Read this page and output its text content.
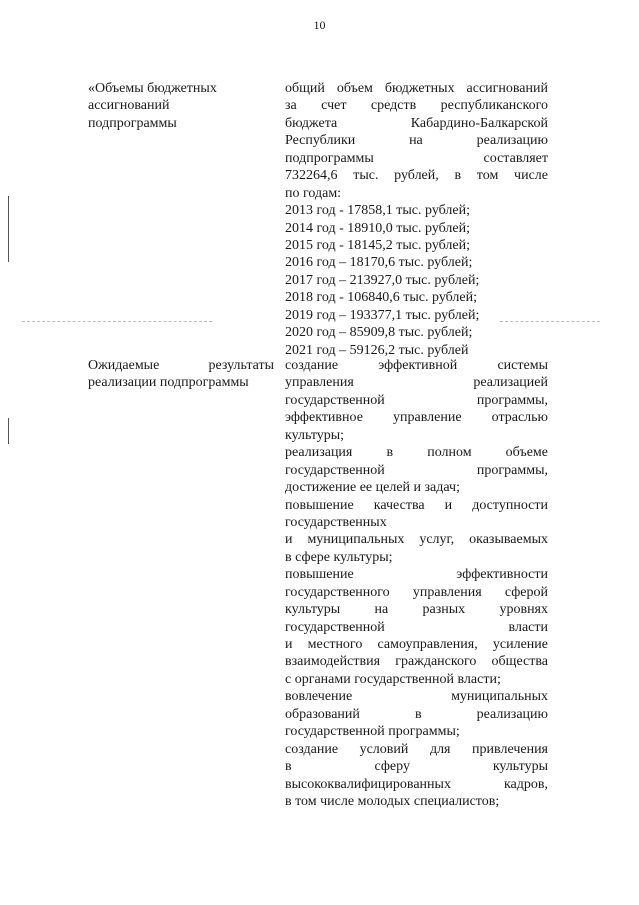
10
«Объемы бюджетных
ассигнований
подпрограммы
общий объем бюджетных ассигнований
за счет средств республиканского
бюджета Кабардино-Балкарской
Республики на реализацию
подпрограммы составляет
732264,6 тыс. рублей, в том числе
по годам:
2013 год - 17858,1 тыс. рублей;
2014 год - 18910,0 тыс. рублей;
2015 год - 18145,2 тыс. рублей;
2016 год – 18170,6 тыс. рублей;
2017 год – 213927,0 тыс. рублей;
2018 год - 106840,6 тыс. рублей;
2019 год – 193377,1 тыс. рублей;
2020 год – 85909,8 тыс. рублей;
2021 год – 59126,2 тыс. рублей
Ожидаемые результаты
реализации подпрограммы
создание эффективной системы
управления реализацией
государственной программы,
эффективное управление отраслью
культуры;
реализация в полном объеме
государственной программы,
достижение ее целей и задач;
повышение качества и доступности
государственных
и муниципальных услуг, оказываемых
в сфере культуры;
повышение эффективности
государственного управления сферой
культуры на разных уровнях
государственной власти
и местного самоуправления, усиление
взаимодействия гражданского общества
с органами государственной власти;
вовлечение муниципальных
образований в реализацию
государственной программы;
создание условий для привлечения
в сферу культуры
высококвалифицированных кадров,
в том числе молодых специалистов;
